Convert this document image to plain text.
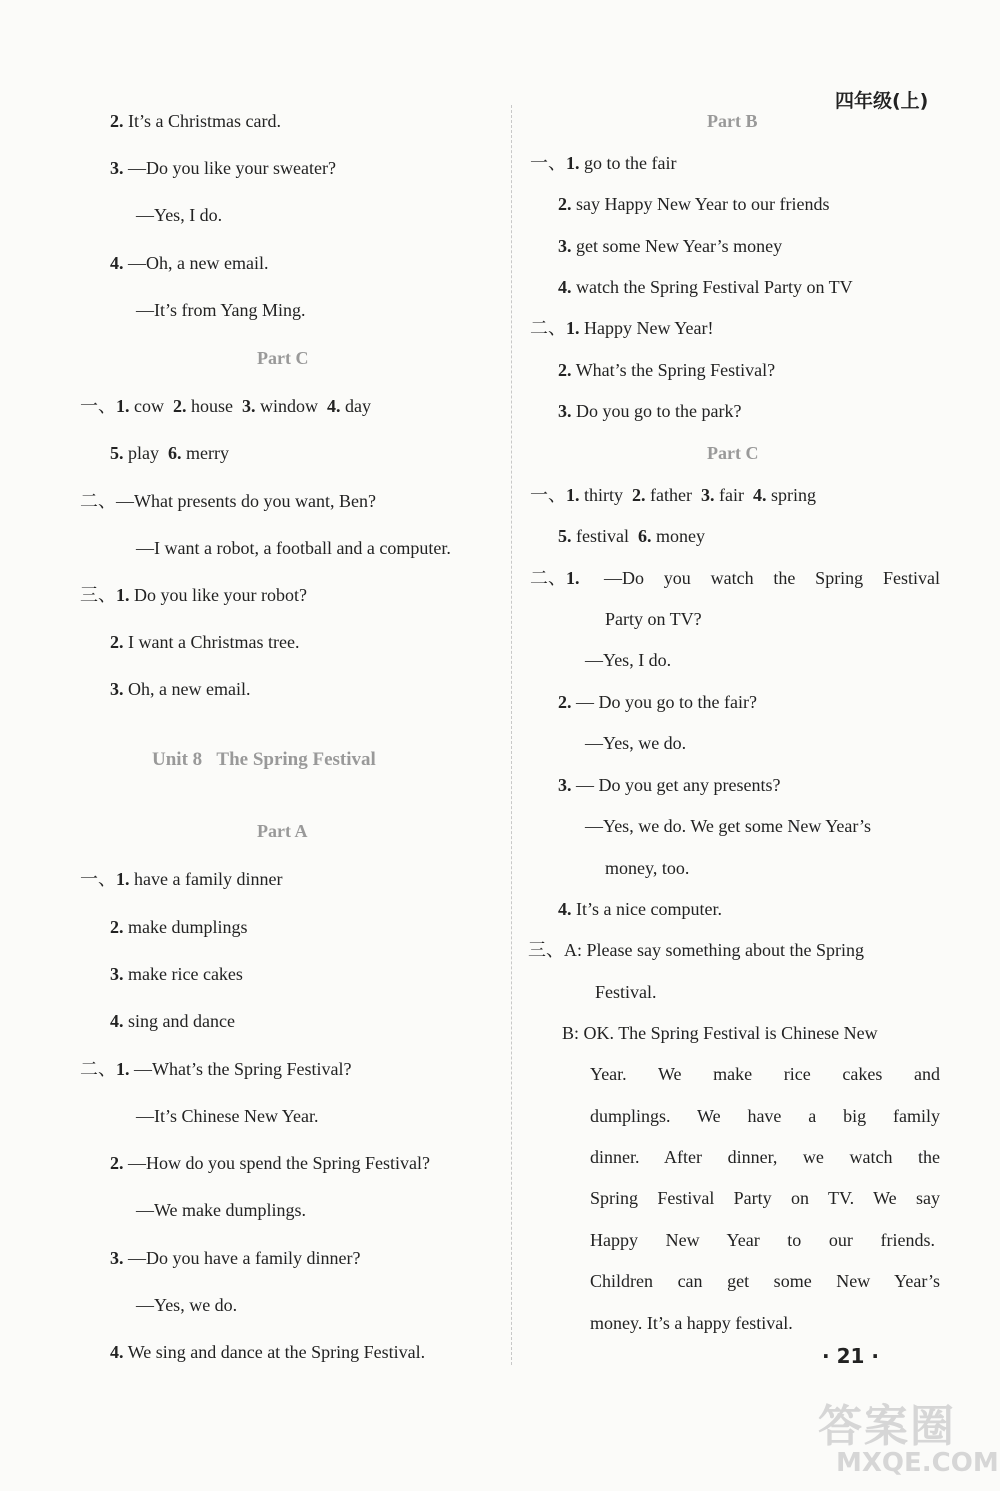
四年级(上)
2. It’s a Christmas card.
3. —Do you like your sweater?
—Yes, I do.
4. —Oh, a new email.
—It’s from Yang Ming.
Part C
一、1. cow 2. house 3. window 4. day
5. play 6. merry
二、—What presents do you want, Ben?
—I want a robot, a football and a computer.
三、1. Do you like your robot?
2. I want a Christmas tree.
3. Oh, a new email.
Unit 8 The Spring Festival
Part A
一、1. have a family dinner
2. make dumplings
3. make rice cakes
4. sing and dance
二、1. —What’s the Spring Festival?
—It’s Chinese New Year.
2. —How do you spend the Spring Festival?
—We make dumplings.
3. —Do you have a family dinner?
—Yes, we do.
4. We sing and dance at the Spring Festival.
Part B
一、1. go to the fair
2. say Happy New Year to our friends
3. get some New Year’s money
4. watch the Spring Festival Party on TV
二、1. Happy New Year!
2. What’s the Spring Festival?
3. Do you go to the park?
Part C
一、1. thirty 2. father 3. fair 4. spring
5. festival 6. money
二、1. —Do you watch the Spring Festival
Party on TV?
—Yes, I do.
2. — Do you go to the fair?
—Yes, we do.
3. — Do you get any presents?
—Yes, we do. We get some New Year’s
money, too.
4. It’s a nice computer.
三、A: Please say something about the Spring
Festival.
B: OK. The Spring Festival is Chinese New
Year. We make rice cakes and
dumplings. We have a big family
dinner. After dinner, we watch the
Spring Festival Party on TV. We say
Happy New Year to our friends.
Children can get some New Year’s
money. It’s a happy festival.
· 21 ·
答案圈
MXQE.COM
